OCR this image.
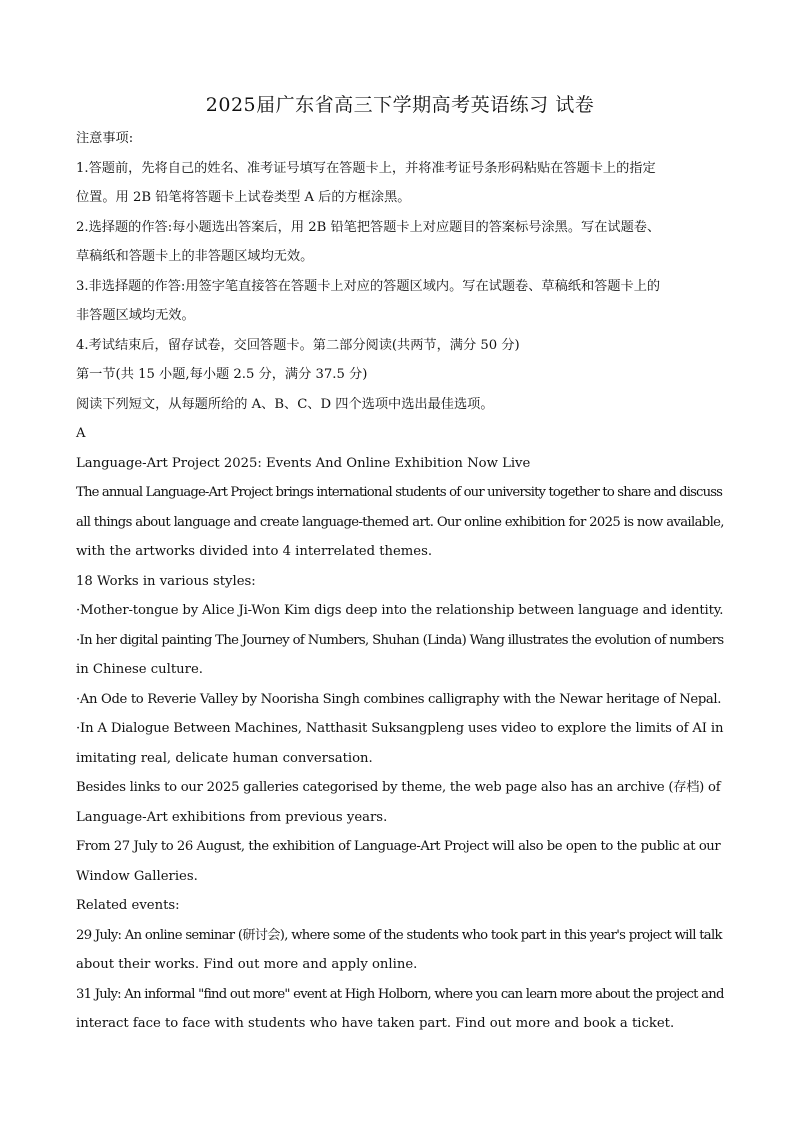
2025届广东省高三下学期高考英语练习 试卷

注意事项:

1.答题前，先将自己的姓名、准考证号填写在答题卡上，并将准考证号条形码粘贴在答题卡上的指定

位置。用 2B 铅笔将答题卡上试卷类型 A 后的方框涂黑。

2.选择题的作答:每小题选出答案后，用 2B 铅笔把答题卡上对应题目的答案标号涂黑。写在试题卷、

草稿纸和答题卡上的非答题区域均无效。

3.非选择题的作答:用签字笔直接答在答题卡上对应的答题区域内。写在试题卷、草稿纸和答题卡上的

非答题区域均无效。

4.考试结束后，留存试卷，交回答题卡。第二部分阅读(共两节，满分 50 分)

第一节(共 15 小题,每小题 2.5 分，满分 37.5 分)

阅读下列短文，从每题所给的 A、B、C、D 四个选项中选出最佳选项。

A

Language-Art Project 2025: Events And Online Exhibition Now Live

The annual Language-Art Project brings international students of our university together to share and discuss

all things about language and create language-themed art. Our online exhibition for 2025 is now available,

with the artworks divided into 4 interrelated themes.

18 Works in various styles:

·Mother-tongue by Alice Ji-Won Kim digs deep into the relationship between language and identity.

·In her digital painting The Journey of Numbers, Shuhan (Linda) Wang illustrates the evolution of numbers

in Chinese culture.

·An Ode to Reverie Valley by Noorisha Singh combines calligraphy with the Newar heritage of Nepal.

·In A Dialogue Between Machines, Natthasit Suksangpleng uses video to explore the limits of AI in

imitating real, delicate human conversation.

Besides links to our 2025 galleries categorised by theme, the web page also has an archive (存档) of

Language-Art exhibitions from previous years.

From 27 July to 26 August, the exhibition of Language-Art Project will also be open to the public at our

Window Galleries.

Related events:

29 July: An online seminar (研讨会), where some of the students who took part in this year's project will talk

about their works. Find out more and apply online.

31 July: An informal "find out more" event at High Holborn, where you can learn more about the project and

interact face to face with students who have taken part. Find out more and book a ticket.
